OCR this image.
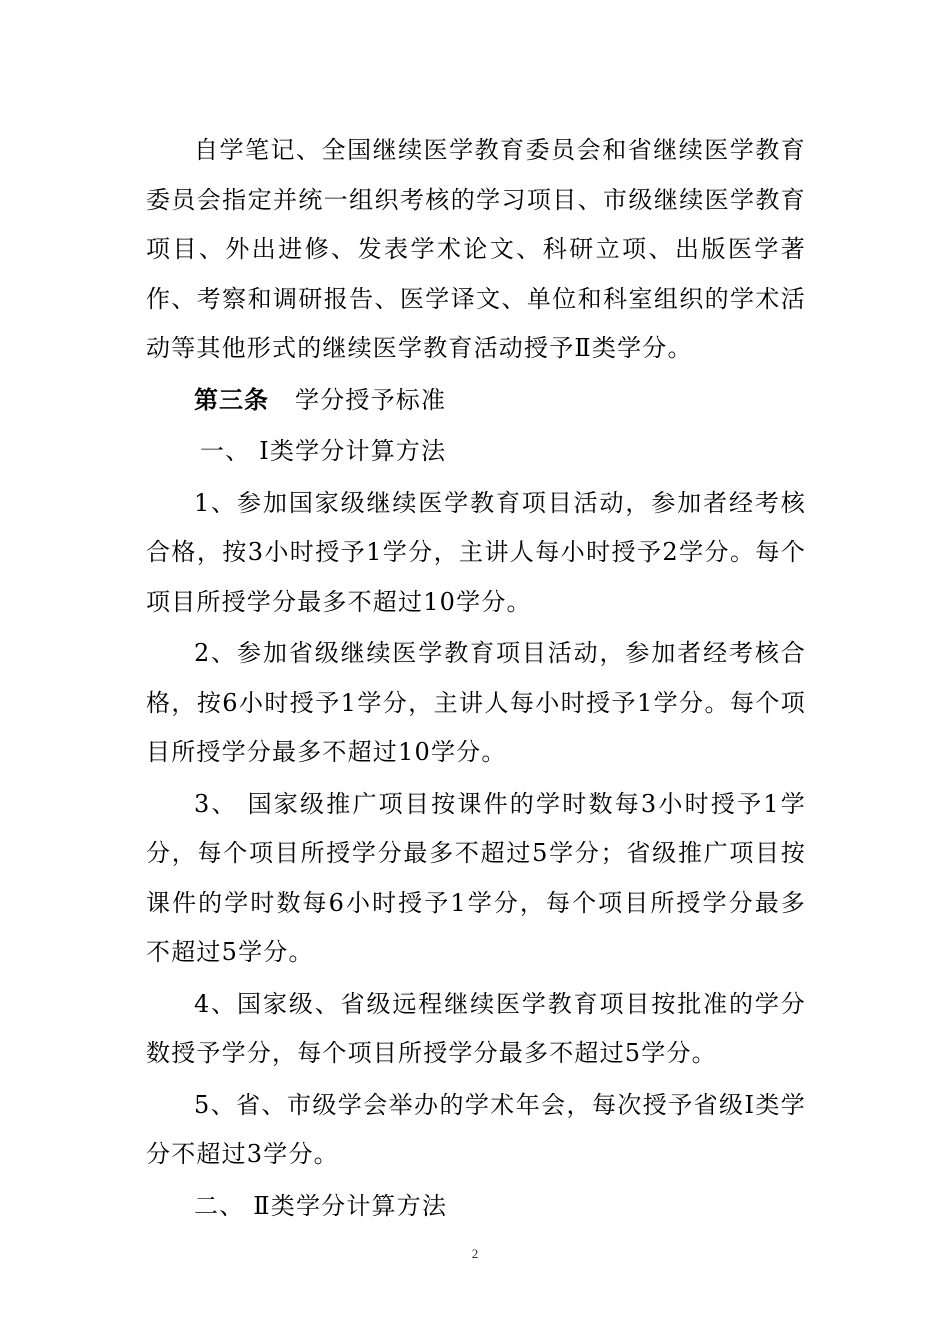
自学笔记、全国继续医学教育委员会和省继续医学教育委员会指定并统一组织考核的学习项目、市级继续医学教育项目、外出进修、发表学术论文、科研立项、出版医学著作、考察和调研报告、医学译文、单位和科室组织的学术活动等其他形式的继续医学教育活动授予Ⅱ类学分。

第三条 学分授予标准

一、 Ⅰ类学分计算方法

1、参加国家级继续医学教育项目活动，参加者经考核合格，按3小时授予1学分，主讲人每小时授予2学分。每个项目所授学分最多不超过10学分。

2、参加省级继续医学教育项目活动，参加者经考核合格，按6小时授予1学分，主讲人每小时授予1学分。每个项目所授学分最多不超过10学分。

3、 国家级推广项目按课件的学时数每3小时授予1学分，每个项目所授学分最多不超过5学分；省级推广项目按课件的学时数每6小时授予1学分，每个项目所授学分最多不超过5学分。

4、国家级、省级远程继续医学教育项目按批准的学分数授予学分，每个项目所授学分最多不超过5学分。

5、省、市级学会举办的学术年会，每次授予省级Ⅰ类学分不超过3学分。

二、 Ⅱ类学分计算方法

2
